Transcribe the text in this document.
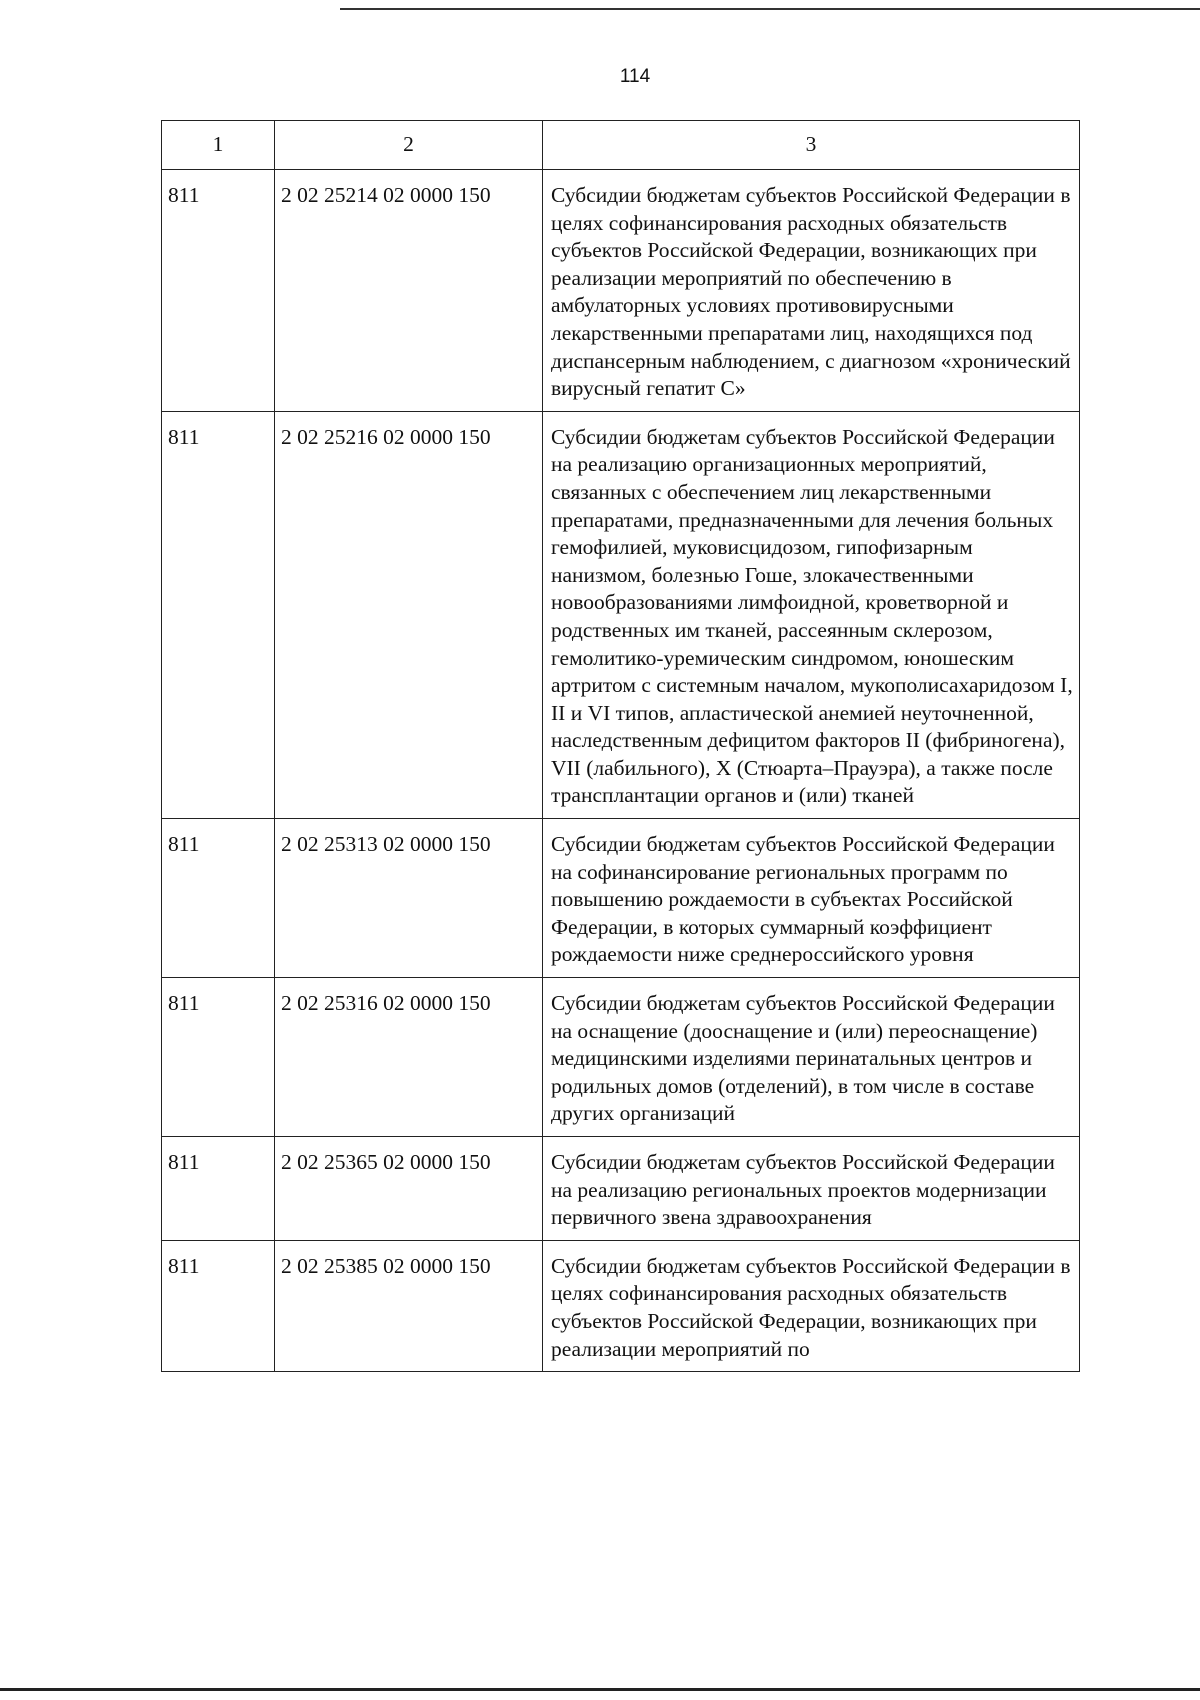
114
1	2	3
811	2 02 25214 02 0000 150	Субсидии бюджетам субъектов Российской Федерации в целях софинансирования расходных обязательств субъектов Российской Федерации, возникающих при реализации мероприятий по обеспечению в амбулаторных условиях противовирусными лекарственными препаратами лиц, находящихся под диспансерным наблюдением, с диагнозом «хронический вирусный гепатит С»
811	2 02 25216 02 0000 150	Субсидии бюджетам субъектов Российской Федерации на реализацию организационных мероприятий, связанных с обеспечением лиц лекарственными препаратами, предназначенными для лечения больных гемофилией, муковисцидозом, гипофизарным нанизмом, болезнью Гоше, злокачественными новообразованиями лимфоидной, кроветворной и родственных им тканей, рассеянным склерозом, гемолитико-уремическим синдромом, юношеским артритом с системным началом, мукополисахаридозом I, II и VI типов, апластической анемией неуточненной, наследственным дефицитом факторов II (фибриногена), VII (лабильного), X (Стюарта–Прауэра), а также после трансплантации органов и (или) тканей
811	2 02 25313 02 0000 150	Субсидии бюджетам субъектов Российской Федерации на софинансирование региональных программ по повышению рождаемости в субъектах Российской Федерации, в которых суммарный коэффициент рождаемости ниже среднероссийского уровня
811	2 02 25316 02 0000 150	Субсидии бюджетам субъектов Российской Федерации на оснащение (дооснащение и (или) переоснащение) медицинскими изделиями перинатальных центров и родильных домов (отделений), в том числе в составе других организаций
811	2 02 25365 02 0000 150	Субсидии бюджетам субъектов Российской Федерации на реализацию региональных проектов модернизации первичного звена здравоохранения
811	2 02 25385 02 0000 150	Субсидии бюджетам субъектов Российской Федерации в целях софинансирования расходных обязательств субъектов Российской Федерации, возникающих при реализации мероприятий по
